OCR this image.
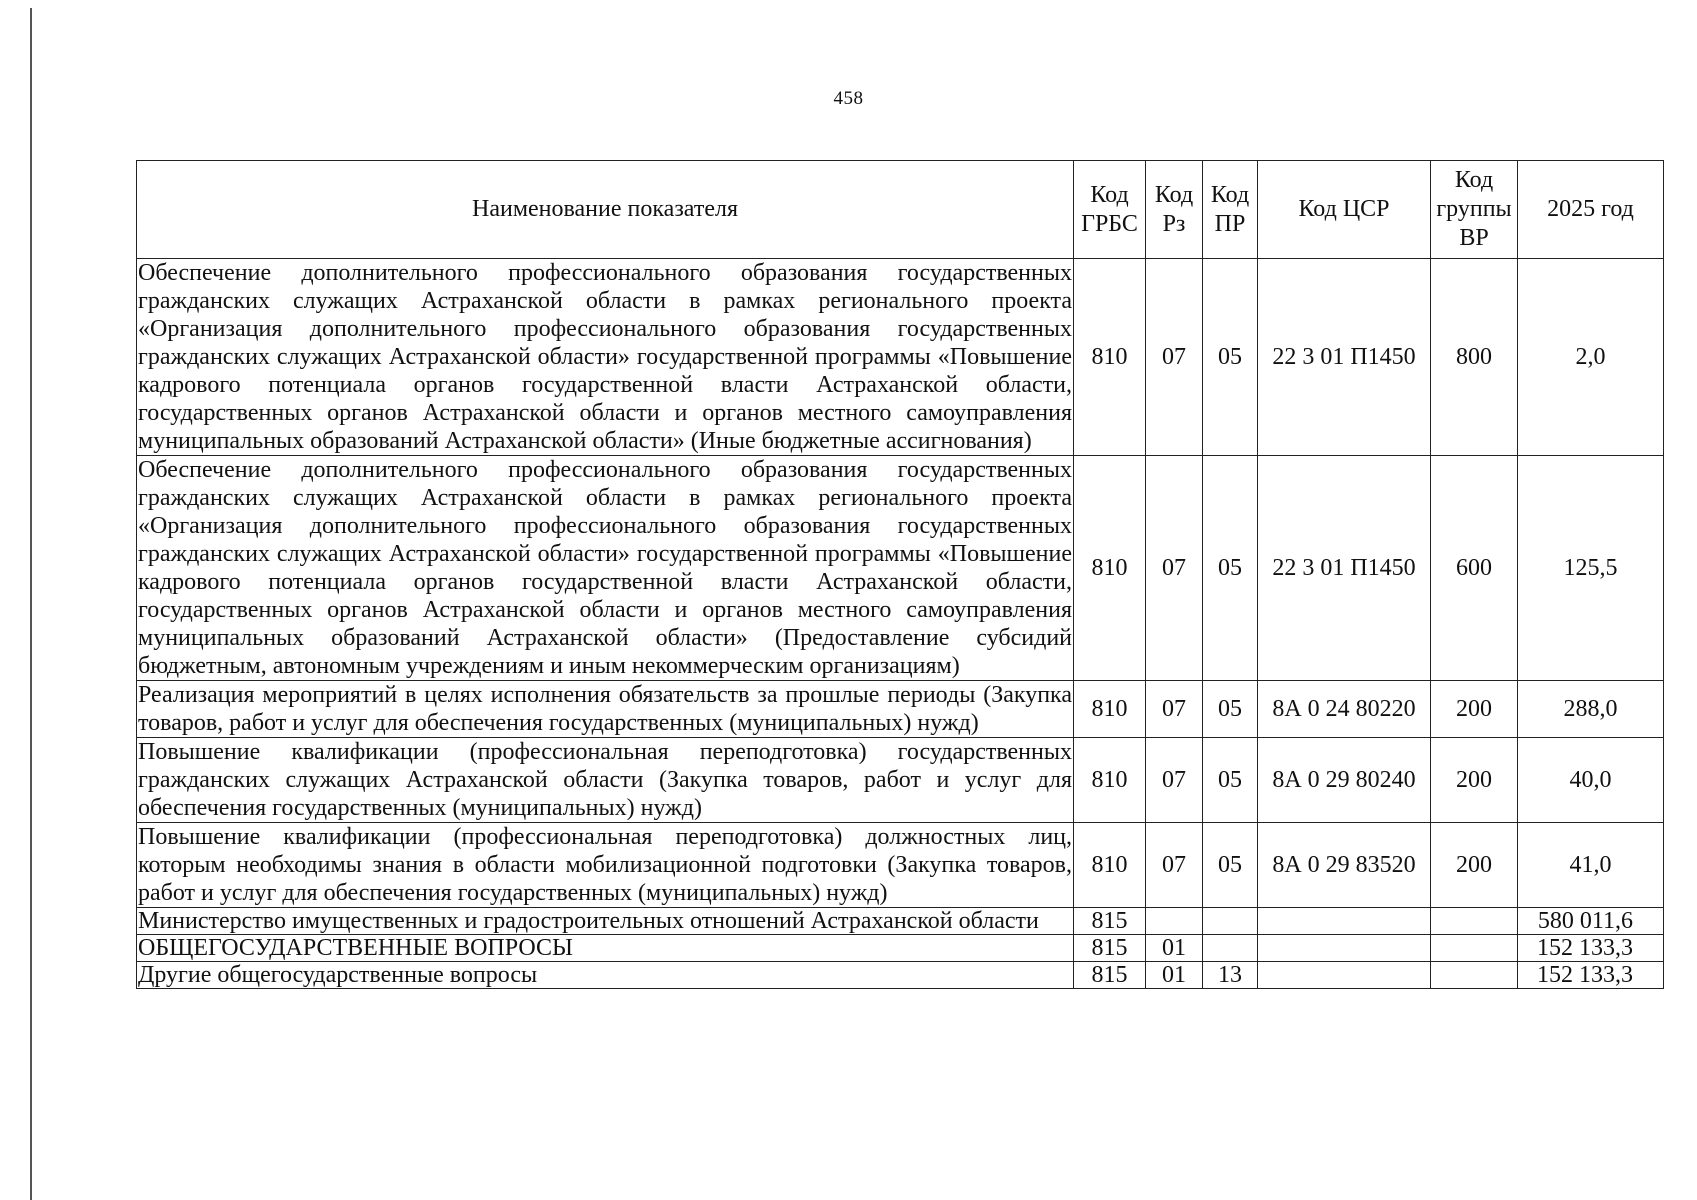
458
Наименование показателя	Код ГРБС	Код Рз	Код ПР	Код ЦСР	Код группы ВР	2025 год
Обеспечение дополнительного профессионального образования государственных гражданских служащих Астраханской области в рамках регионального проекта «Организация дополнительного профессионального образования государственных гражданских служащих Астраханской области» государственной программы «Повышение кадрового потенциала органов государственной власти Астраханской области, государственных органов Астраханской области и органов местного самоуправления муниципальных образований Астраханской области» (Иные бюджетные ассигнования)	810	07	05	22 3 01 П1450	800	2,0
Обеспечение дополнительного профессионального образования государственных гражданских служащих Астраханской области в рамках регионального проекта «Организация дополнительного профессионального образования государственных гражданских служащих Астраханской области» государственной программы «Повышение кадрового потенциала органов государственной власти Астраханской области, государственных органов Астраханской области и органов местного самоуправления муниципальных образований Астраханской области» (Предоставление субсидий бюджетным, автономным учреждениям и иным некоммерческим организациям)	810	07	05	22 3 01 П1450	600	125,5
Реализация мероприятий в целях исполнения обязательств за прошлые периоды (Закупка товаров, работ и услуг для обеспечения государственных (муниципальных) нужд)	810	07	05	8А 0 24 80220	200	288,0
Повышение квалификации (профессиональная переподготовка) государственных гражданских служащих Астраханской области (Закупка товаров, работ и услуг для обеспечения государственных (муниципальных) нужд)	810	07	05	8А 0 29 80240	200	40,0
Повышение квалификации (профессиональная переподготовка) должностных лиц, которым необходимы знания в области мобилизационной подготовки (Закупка товаров, работ и услуг для обеспечения государственных (муниципальных) нужд)	810	07	05	8А 0 29 83520	200	41,0
Министерство имущественных и градостроительных отношений Астраханской области	815					580 011,6
ОБЩЕГОСУДАРСТВЕННЫЕ ВОПРОСЫ	815	01				152 133,3
Другие общегосударственные вопросы	815	01	13			152 133,3
